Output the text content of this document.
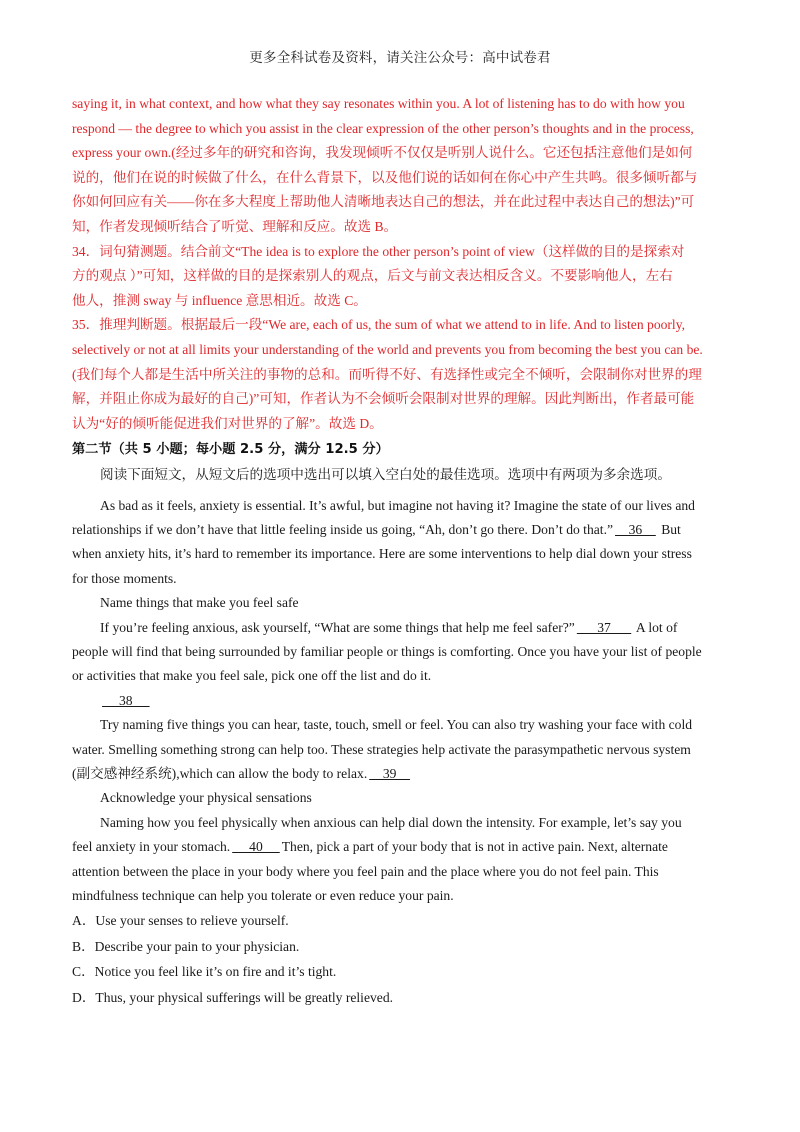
更多全科试卷及资料，请关注公众号：高中试卷君
saying it, in what context, and how what they say resonates within you. A lot of listening has to do with how you
respond — the degree to which you assist in the clear expression of the other person’s thoughts and in the process,
express your own.(经过多年的研究和咨询，我发现倾听不仅仅是听别人说什么。它还包括注意他们是如何
说的，他们在说的时候做了什么，在什么背景下，以及他们说的话如何在你心中产生共鸣。很多倾听都与
你如何回应有关——你在多大程度上帮助他人清晰地表达自己的想法，并在此过程中表达自己的想法)”可
知，作者发现倾听结合了听觉、理解和反应。故选 B。
34．词句猜测题。结合前文“The idea is to explore the other person’s point of view（这样做的目的是探索对
方的观点 ）”可知，这样做的目的是探索别人的观点，后文与前文表达相反含义。不要影响他人，左右
他人，推测 sway 与 influence 意思相近。故选 C。
35．推理判断题。根据最后一段“We are, each of us, the sum of what we attend to in life. And to listen poorly,
selectively or not at all limits your understanding of the world and prevents you from becoming the best you can be.
(我们每个人都是生活中所关注的事物的总和。而听得不好、有选择性或完全不倾听，会限制你对世界的理
解，并阻止你成为最好的自己)”可知，作者认为不会倾听会限制对世界的理解。因此判断出，作者最可能
认为“好的倾听能促进我们对世界的了解”。故选 D。
第二节（共 5 小题；每小题 2.5 分，满分 12.5 分）
阅读下面短文，从短文后的选项中选出可以填入空白处的最佳选项。选项中有两项为多余选项。
As bad as it feels, anxiety is essential. It’s awful, but imagine not having it? Imagine the state of our lives and
relationships if we don’t have that little feeling inside us going, “Ah, don’t go there. Don’t do that.”    36     But
when anxiety hits, it’s hard to remember its importance. Here are some interventions to help dial down your stress
for those moments.
Name things that make you feel safe
If you’re feeling anxious, ask yourself, “What are some things that help me feel safer?”      37       A lot of
people will find that being surrounded by familiar people or things is comforting. Once you have your list of people
or activities that make you feel sale, pick one off the list and do it.
38
Try naming five things you can hear, taste, touch, smell or feel. You can also try washing your face with cold
water. Smelling something strong can help too. These strategies help activate the parasympathetic nervous system
(副交感神经系统),which can allow the body to relax.    39
Acknowledge your physical sensations
Naming how you feel physically when anxious can help dial down the intensity. For example, let’s say you
feel anxiety in your stomach.     40     Then, pick a part of your body that is not in active pain. Next, alternate
attention between the place in your body where you feel pain and the place where you do not feel pain. This
mindfulness technique can help you tolerate or even reduce your pain.
A．Use your senses to relieve yourself.
B．Describe your pain to your physician.
C．Notice you feel like it’s on fire and it’s tight.
D．Thus, your physical sufferings will be greatly relieved.
